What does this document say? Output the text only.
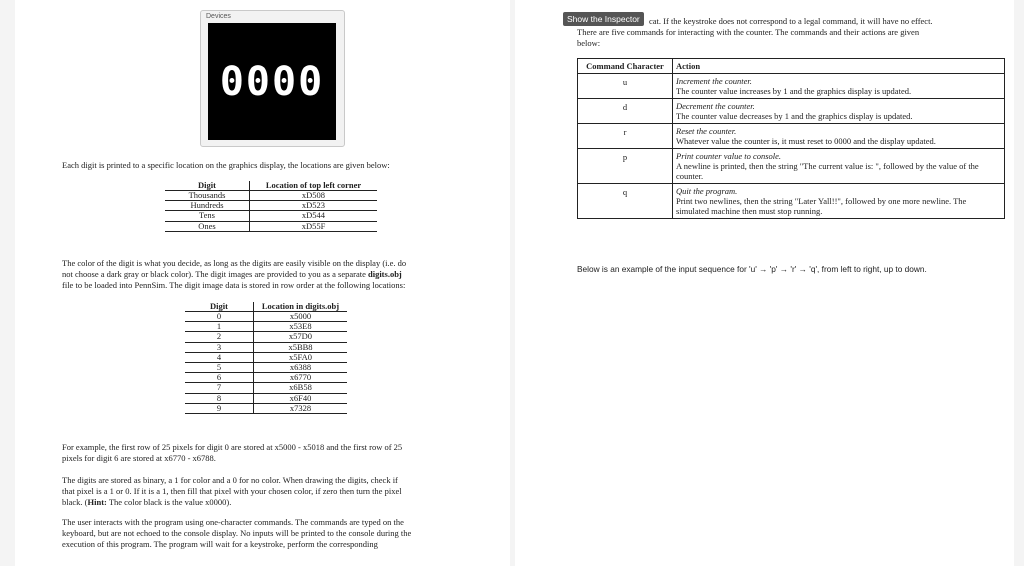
Devices
0000
Each digit is printed to a specific location on the graphics display, the locations are given below:
Digit	Location of top left corner
Thousands	xD508
Hundreds	xD523
Tens	xD544
Ones	xD55F
The color of the digit is what you decide, as long as the digits are easily visible on the display (i.e. do
not choose a dark gray or black color). The digit images are provided to you as a separate digits.obj
file to be loaded into PennSim. The digit image data is stored in row order at the following locations:
Digit	Location in digits.obj
0	x5000
1	x53E8
2	x57D0
3	x5BB8
4	x5FA0
5	x6388
6	x6770
7	x6B58
8	x6F40
9	x7328
For example, the first row of 25 pixels for digit 0 are stored at x5000 - x5018 and the first row of 25
pixels for digit 6 are stored at x6770 - x6788.
The digits are stored as binary, a 1 for color and a 0 for no color. When drawing the digits, check if
that pixel is a 1 or 0. If it is a 1, then fill that pixel with your chosen color, if zero then turn the pixel
black. (Hint: The color black is the value x0000).
The user interacts with the program using one-character commands. The commands are typed on the
keyboard, but are not echoed to the console display. No inputs will be printed to the console during the
execution of this program. The program will wait for a keystroke, perform the corresponding
Show the Inspector	cat. If the keystroke does not correspond to a legal command, it will have no effect.
There are five commands for interacting with the counter. The commands and their actions are given
below:
Command Character	Action
u	Increment the counter.
The counter value increases by 1 and the graphics display is updated.
d	Decrement the counter.
The counter value decreases by 1 and the graphics display is updated.
r	Reset the counter.
Whatever value the counter is, it must reset to 0000 and the display updated.
p	Print counter value to console.
A newline is printed, then the string "The current value is: ", followed by the value of the counter.
q	Quit the program.
Print two newlines, then the string "Later Yall!!", followed by one more newline. The simulated machine then must stop running.
Below is an example of the input sequence for 'u' → 'p' → 'r' → 'q', from left to right, up to down.
